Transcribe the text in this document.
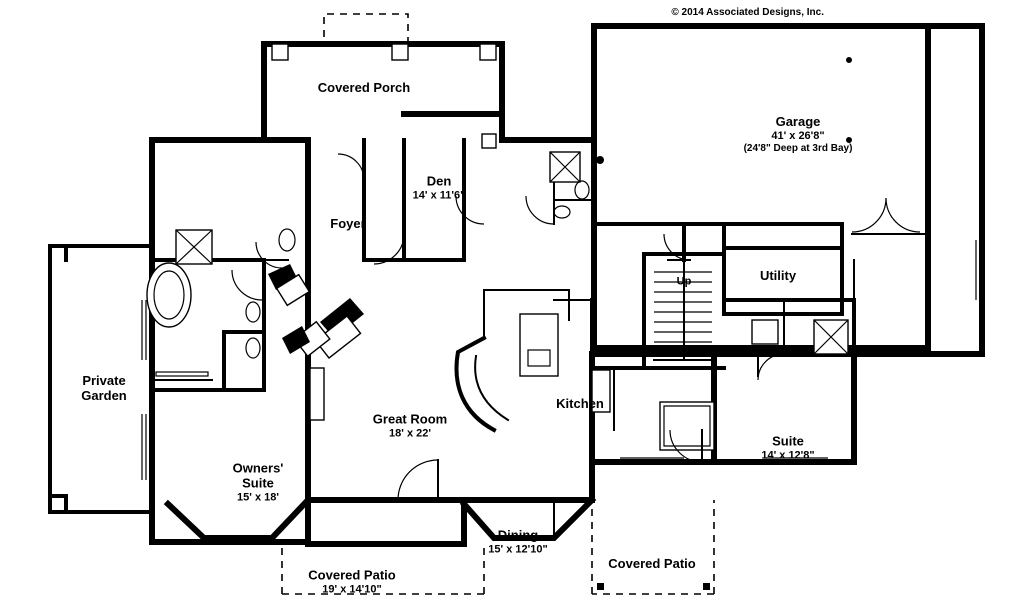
Covered Patio
19' x 14'10"
Covered Patio
Dining
15' x 12'10"
Suite
14' x 12'8"
Kitchen
Great Room
18' x 22'
Owners'
Suite
15' x 18'
Private
Garden
Utility
Up
Foyer
Den
14' x 11'6"
Garage
41' x 26'8"
(24'8" Deep at 3rd Bay)
Covered Porch
© 2014 Associated Designs, Inc.
